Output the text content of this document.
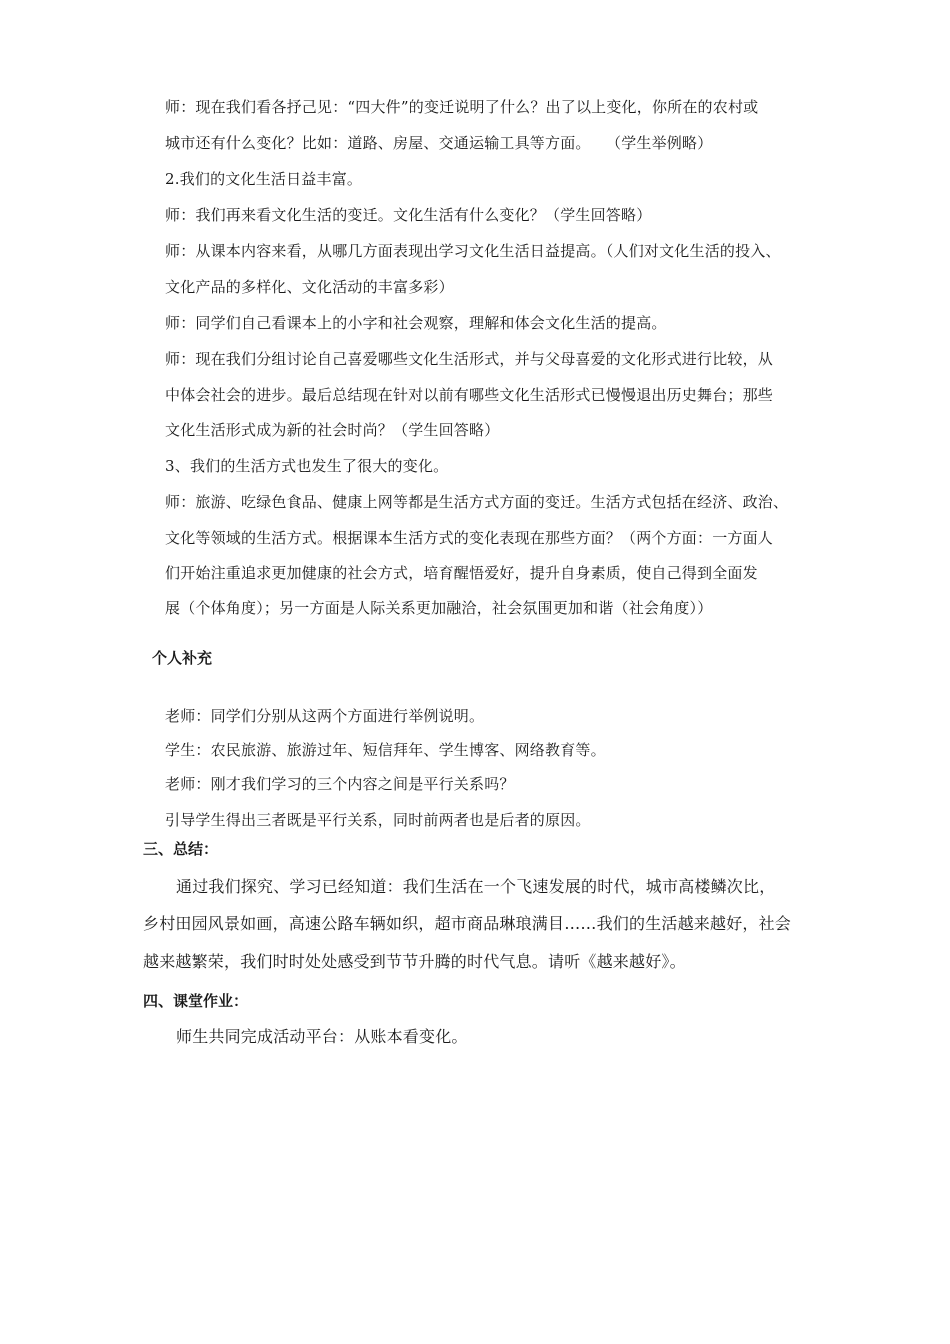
师：现在我们看各抒己见：“四大件”的变迁说明了什么？出了以上变化，你所在的农村或
城市还有什么变化？比如：道路、房屋、交通运输工具等方面。　　（学生举例略）
2.我们的文化生活日益丰富。
师：我们再来看文化生活的变迁。文化生活有什么变化？（学生回答略）
师：从课本内容来看，从哪几方面表现出学习文化生活日益提高。（人们对文化生活的投入、
文化产品的多样化、文化活动的丰富多彩）
师：同学们自己看课本上的小字和社会观察，理解和体会文化生活的提高。
师：现在我们分组讨论自己喜爱哪些文化生活形式，并与父母喜爱的文化形式进行比较，从
中体会社会的进步。最后总结现在针对以前有哪些文化生活形式已慢慢退出历史舞台；那些
文化生活形式成为新的社会时尚？（学生回答略）
3、我们的生活方式也发生了很大的变化。
师：旅游、吃绿色食品、健康上网等都是生活方式方面的变迁。生活方式包括在经济、政治、
文化等领域的生活方式。根据课本生活方式的变化表现在那些方面？（两个方面：一方面人
们开始注重追求更加健康的社会方式，培育醒悟爱好，提升自身素质，使自己得到全面发
展（个体角度）；另一方面是人际关系更加融洽，社会氛围更加和谐（社会角度））
个人补充
老师：同学们分别从这两个方面进行举例说明。
学生：农民旅游、旅游过年、短信拜年、学生博客、网络教育等。
老师：刚才我们学习的三个内容之间是平行关系吗？
引导学生得出三者既是平行关系，同时前两者也是后者的原因。
三、总结：
通过我们探究、学习已经知道：我们生活在一个飞速发展的时代，城市高楼鳞次比，
乡村田园风景如画，高速公路车辆如织，超市商品琳琅满目……我们的生活越来越好，社会
越来越繁荣，我们时时处处感受到节节升腾的时代气息。请听《越来越好》。
四、课堂作业：
师生共同完成活动平台：从账本看变化。
